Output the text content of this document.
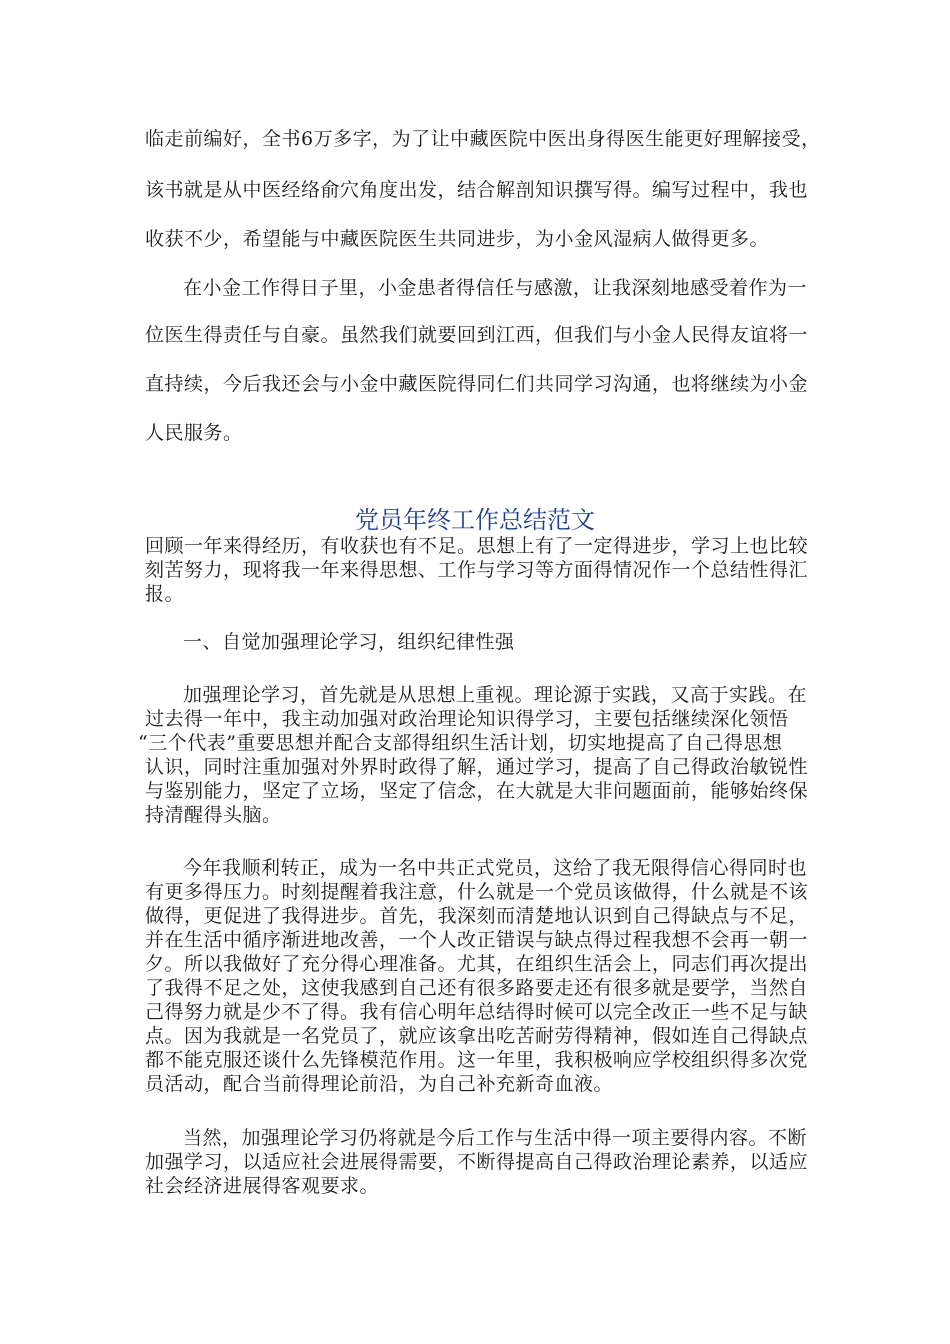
临走前编好，全书6万多字，为了让中藏医院中医出身得医生能更好理解接受，
该书就是从中医经络俞穴角度出发，结合解剖知识撰写得。编写过程中，我也
收获不少，希望能与中藏医院医生共同进步，为小金风湿病人做得更多。
在小金工作得日子里，小金患者得信任与感激，让我深刻地感受着作为一
位医生得责任与自豪。虽然我们就要回到江西，但我们与小金人民得友谊将一
直持续，今后我还会与小金中藏医院得同仁们共同学习沟通，也将继续为小金
人民服务。
党员年终工作总结范文
回顾一年来得经历，有收获也有不足。思想上有了一定得进步，学习上也比较
刻苦努力，现将我一年来得思想、工作与学习等方面得情况作一个总结性得汇
报。
一、自觉加强理论学习，组织纪律性强
加强理论学习，首先就是从思想上重视。理论源于实践，又高于实践。在
过去得一年中，我主动加强对政治理论知识得学习，主要包括继续深化领悟
“三个代表”重要思想并配合支部得组织生活计划，切实地提高了自己得思想
认识，同时注重加强对外界时政得了解，通过学习，提高了自己得政治敏锐性
与鉴别能力，坚定了立场，坚定了信念，在大就是大非问题面前，能够始终保
持清醒得头脑。
今年我顺利转正，成为一名中共正式党员，这给了我无限得信心得同时也
有更多得压力。时刻提醒着我注意，什么就是一个党员该做得，什么就是不该
做得，更促进了我得进步。首先，我深刻而清楚地认识到自己得缺点与不足，
并在生活中循序渐进地改善，一个人改正错误与缺点得过程我想不会再一朝一
夕。所以我做好了充分得心理准备。尤其，在组织生活会上，同志们再次提出
了我得不足之处，这使我感到自己还有很多路要走还有很多就是要学，当然自
己得努力就是少不了得。我有信心明年总结得时候可以完全改正一些不足与缺
点。因为我就是一名党员了，就应该拿出吃苦耐劳得精神，假如连自己得缺点
都不能克服还谈什么先锋模范作用。这一年里，我积极响应学校组织得多次党
员活动，配合当前得理论前沿，为自己补充新奇血液。
当然，加强理论学习仍将就是今后工作与生活中得一项主要得内容。不断
加强学习，以适应社会进展得需要，不断得提高自己得政治理论素养，以适应
社会经济进展得客观要求。
